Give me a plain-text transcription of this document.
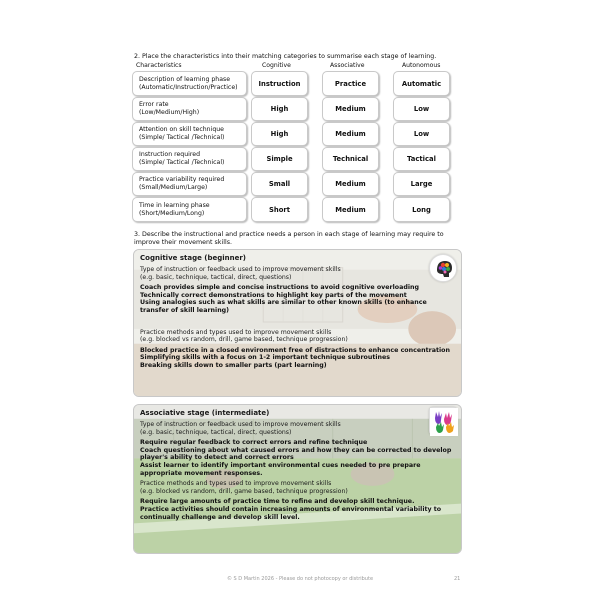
2. Place the characteristics into their matching categories to summarise each stage of learning.
Characteristics	Cognitive	Associative	Autonomous
Description of learning phase
(Automatic/Instruction/Practice)	Instruction	Practice	Automatic
Error rate
(Low/Medium/High)	High	Medium	Low
Attention on skill technique
(Simple/ Tactical /Technical)	High	Medium	Low
Instruction required
(Simple/ Tactical /Technical)	Simple	Technical	Tactical
Practice variability required
(Small/Medium/Large)	Small	Medium	Large
Time in learning phase
(Short/Medium/Long)	Short	Medium	Long
3. Describe the instructional and practice needs a person in each stage of learning may require to improve their movement skills.
Cognitive stage (beginner)
Type of instruction or feedback used to improve movement skills
(e.g. basic, technique, tactical, direct, questions)
Coach provides simple and concise instructions to avoid cognitive overloading
Technically correct demonstrations to highlight key parts of the movement
Using analogies such as what skills are similar to other known skills (to enhance
transfer of skill learning)
Practice methods and types used to improve movement skills
(e.g. blocked vs random, drill, game based, technique progression)
Blocked practice in a closed environment free of distractions to enhance concentration
Simplifying skills with a focus on 1-2 important technique subroutines
Breaking skills down to smaller parts (part learning)
Associative stage (intermediate)
Type of instruction or feedback used to improve movement skills
(e.g. basic, technique, tactical, direct, questions)
Require regular feedback to correct errors and refine technique
Coach questioning about what caused errors and how they can be corrected to develop
player's ability to detect and correct errors
Assist learner to identify important environmental cues needed to pre prepare
appropriate movement responses.
Practice methods and types used to improve movement skills
(e.g. blocked vs random, drill, game based, technique progression)
Require large amounts of practice time to refine and develop skill technique.
Practice activities should contain increasing amounts of environmental variability to
continually challenge and develop skill level.
© S D Martin 2026 - Please do not photocopy or distribute	21
